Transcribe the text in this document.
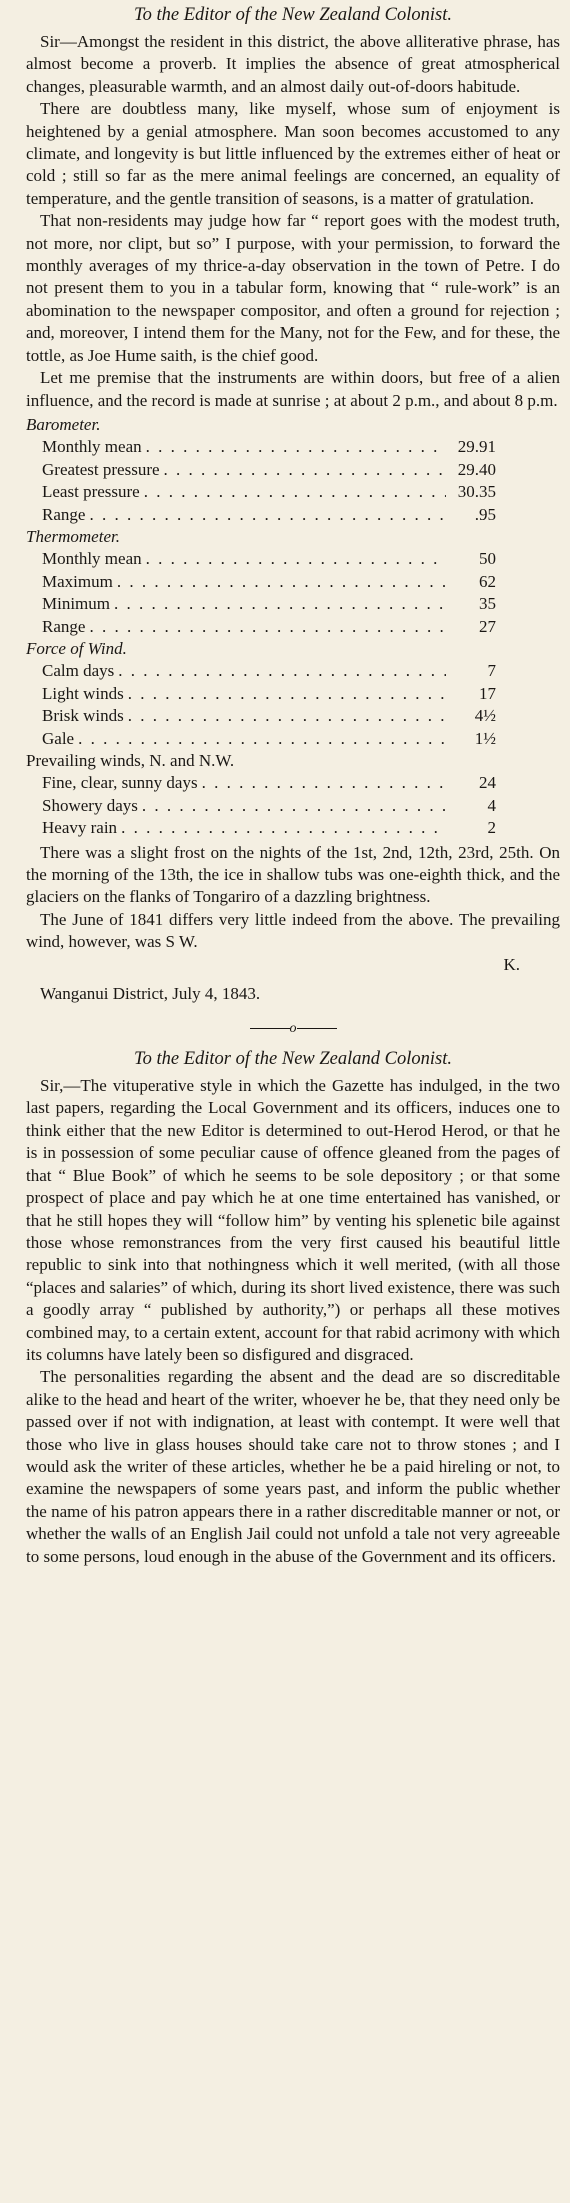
To the Editor of the New Zealand Colonist.

Sir—Amongst the resident in this district, the above alliterative phrase, has almost become a proverb. It implies the absence of great atmospherical changes, pleasurable warmth, and an almost daily out-of-doors habitude.

There are doubtless many, like myself, whose sum of enjoyment is heightened by a genial atmosphere. Man soon becomes accustomed to any climate, and longevity is but little influenced by the extremes either of heat or cold ; still so far as the mere animal feelings are concerned, an equality of temperature, and the gentle transition of seasons, is a matter of gratulation.

That non-residents may judge how far “ report goes with the modest truth, not more, nor clipt, but so” I purpose, with your permission, to forward the monthly averages of my thrice-a-day observation in the town of Petre. I do not present them to you in a tabular form, knowing that “ rule-work” is an abomination to the newspaper compositor, and often a ground for rejection ; and, moreover, I intend them for the Many, not for the Few, and for these, the tottle, as Joe Hume saith, is the chief good.

Let me premise that the instruments are within doors, but free of a alien influence, and the record is made at sunrise ; at about 2 p.m., and about 8 p.m.

Barometer.
Monthly mean . . .	29.91
Greatest pressure . . .	29.40
Least pressure . . .	30.35
Range . . .	.95
Thermometer.
Monthly mean . . .	50
Maximum . . .	62
Minimum . . .	35
Range . . .	27
Force of Wind.
Calm days . . .	7
Light winds . . .	17
Brisk winds . . .	4½
Gale . . .	1½
Prevailing winds, N. and N.W.
Fine, clear, sunny days . . .	24
Showery days . . .	4
Heavy rain . . .	2

There was a slight frost on the nights of the 1st, 2nd, 12th, 23rd, 25th. On the morning of the 13th, the ice in shallow tubs was one-eighth thick, and the glaciers on the flanks of Tongariro of a dazzling brightness.

The June of 1841 differs very little indeed from the above. The prevailing wind, however, was S W.

K.
Wanganui District, July 4, 1843.
o
To the Editor of the New Zealand Colonist.

Sir,—The vituperative style in which the Gazette has indulged, in the two last papers, regarding the Local Government and its officers, induces one to think either that the new Editor is determined to out-Herod Herod, or that he is in possession of some peculiar cause of offence gleaned from the pages of that “ Blue Book” of which he seems to be sole depository ; or that some prospect of place and pay which he at one time entertained has vanished, or that he still hopes they will “follow him” by venting his splenetic bile against those whose remonstrances from the very first caused his beautiful little republic to sink into that nothingness which it well merited, (with all those “places and salaries” of which, during its short lived existence, there was such a goodly array “ published by authority,”) or perhaps all these motives combined may, to a certain extent, account for that rabid acrimony with which its columns have lately been so disfigured and disgraced.

The personalities regarding the absent and the dead are so discreditable alike to the head and heart of the writer, whoever he be, that they need only be passed over if not with indignation, at least with contempt. It were well that those who live in glass houses should take care not to throw stones ; and I would ask the writer of these articles, whether he be a paid hireling or not, to examine the newspapers of some years past, and inform the public whether the name of his patron appears there in a rather discreditable manner or not, or whether the walls of an English Jail could not unfold a tale not very agreeable to some persons, loud enough in the abuse of the Government and its officers.
